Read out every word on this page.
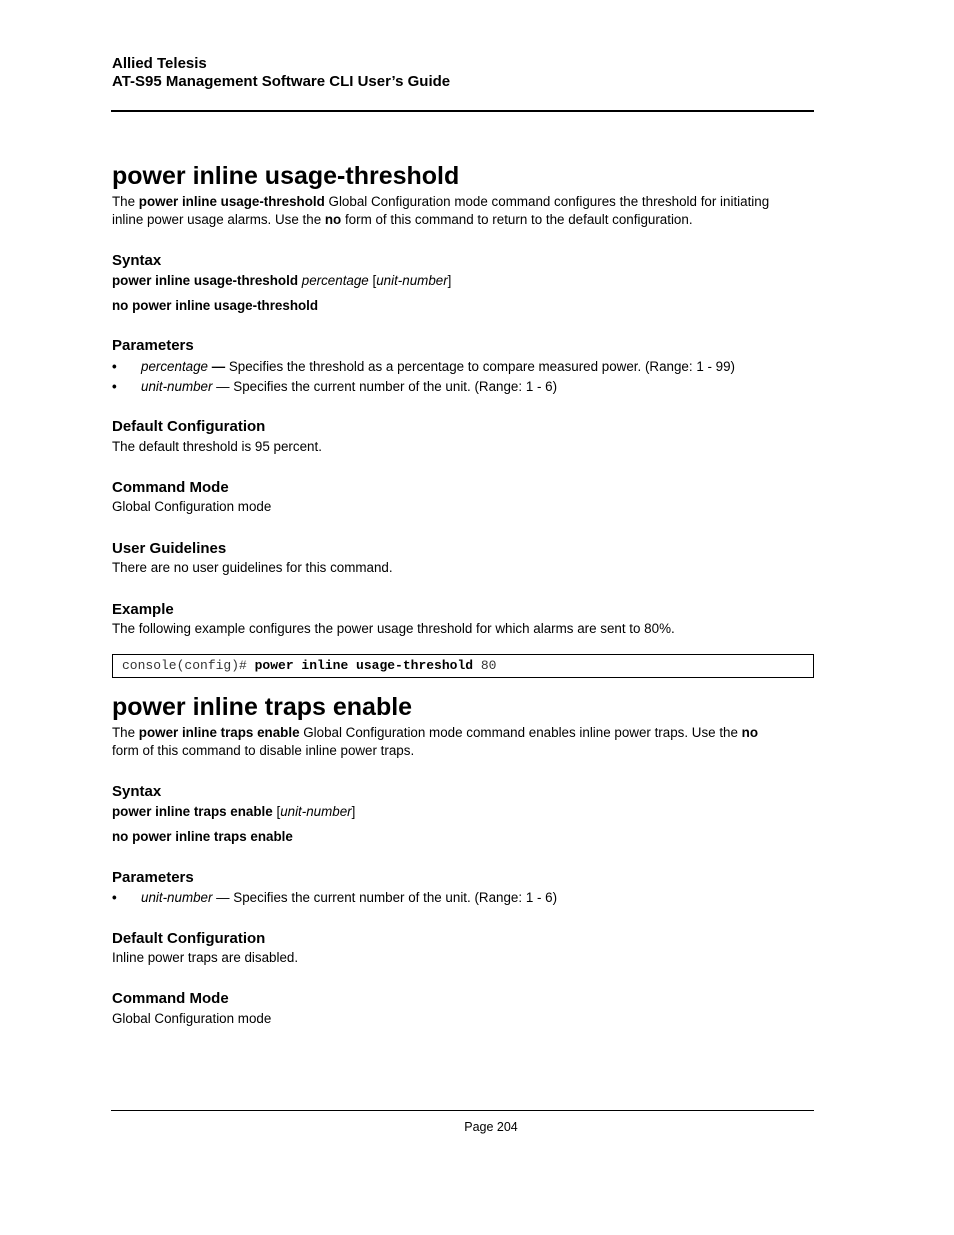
Allied Telesis
AT-S95 Management Software CLI User’s Guide
power inline usage-threshold
The power inline usage-threshold Global Configuration mode command configures the threshold for initiating
inline power usage alarms. Use the no form of this command to return to the default configuration.
Syntax
power inline usage-threshold percentage [unit-number]
no power inline usage-threshold
Parameters
• percentage — Specifies the threshold as a percentage to compare measured power. (Range: 1 - 99)
• unit-number — Specifies the current number of the unit. (Range: 1 - 6)
Default Configuration
The default threshold is 95 percent.
Command Mode
Global Configuration mode
User Guidelines
There are no user guidelines for this command.
Example
The following example configures the power usage threshold for which alarms are sent to 80%.
console(config)# power inline usage-threshold 80
power inline traps enable
The power inline traps enable Global Configuration mode command enables inline power traps. Use the no
form of this command to disable inline power traps.
Syntax
power inline traps enable [unit-number]
no power inline traps enable
Parameters
• unit-number — Specifies the current number of the unit. (Range: 1 - 6)
Default Configuration
Inline power traps are disabled.
Command Mode
Global Configuration mode
Page 204
